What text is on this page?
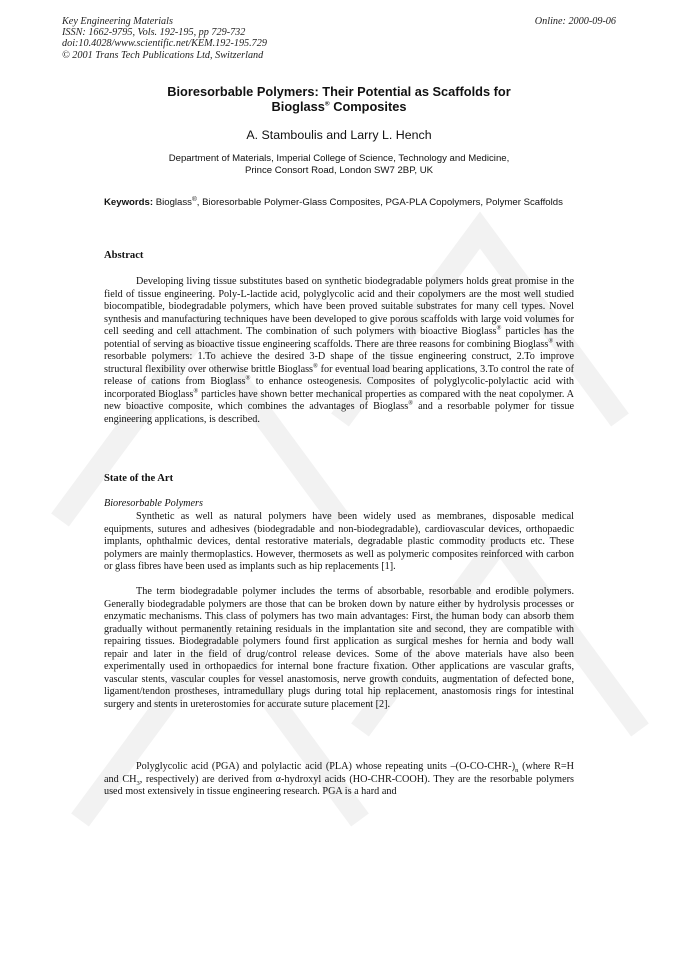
Key Engineering Materials
ISSN: 1662-9795, Vols. 192-195, pp 729-732
doi:10.4028/www.scientific.net/KEM.192-195.729
© 2001 Trans Tech Publications Ltd, Switzerland
Online: 2000-09-06
Bioresorbable Polymers: Their Potential as Scaffolds for
Bioglass® Composites
A. Stamboulis and Larry L. Hench
Department of Materials, Imperial College of Science, Technology and Medicine,
Prince Consort Road, London SW7 2BP, UK
Keywords: Bioglass®, Bioresorbable Polymer-Glass Composites, PGA-PLA Copolymers, Polymer Scaffolds
Abstract

Developing living tissue substitutes based on synthetic biodegradable polymers holds great promise in the field of tissue engineering. Poly-L-lactide acid, polyglycolic acid and their copolymers are the most well studied biocompatible, biodegradable polymers, which have been proved suitable substrates for many cell types. Novel synthesis and manufacturing techniques have been developed to give porous scaffolds with large void volumes for cell seeding and cell attachment. The combination of such polymers with bioactive Bioglass® particles has the potential of serving as bioactive tissue engineering scaffolds. There are three reasons for combining Bioglass® with resorbable polymers: 1.To achieve the desired 3-D shape of the tissue engineering construct, 2.To improve structural flexibility over otherwise brittle Bioglass® for eventual load bearing applications, 3.To control the rate of release of cations from Bioglass® to enhance osteogenesis. Composites of polyglycolic-polylactic acid with incorporated Bioglass® particles have shown better mechanical properties as compared with the neat copolymer. A new bioactive composite, which combines the advantages of Bioglass® and a resorbable polymer for tissue engineering applications, is described.

State of the Art
Bioresorbable Polymers

Synthetic as well as natural polymers have been widely used as membranes, disposable medical equipments, sutures and adhesives (biodegradable and non-biodegradable), cardiovascular devices, orthopaedic implants, ophthalmic devices, dental restorative materials, degradable plastic commodity products etc. These polymers are mainly thermoplastics. However, thermosets as well as polymeric composites reinforced with carbon or glass fibres have been used as implants such as hip replacements [1].

The term biodegradable polymer includes the terms of absorbable, resorbable and erodible polymers. Generally biodegradable polymers are those that can be broken down by nature either by hydrolysis processes or enzymatic mechanisms. This class of polymers has two main advantages: First, the human body can absorb them gradually without permanently retaining residuals in the implantation site and second, they are compatible with repairing tissues. Biodegradable polymers found first application as surgical meshes for hernia and body wall repair and later in the field of drug/control release devices. Some of the above materials have also been experimentally used in orthopaedics for internal bone fracture fixation. Other applications are vascular grafts, vascular stents, vascular couples for vessel anastomosis, nerve growth conduits, augmentation of defected bone, ligament/tendon prostheses, intramedullary plugs during total hip replacement, anastomosis rings for intestinal surgery and stents in ureterostomies for accurate suture placement [2].

Polyglycolic acid (PGA) and polylactic acid (PLA) whose repeating units $-(O-CO-CHR-)_n$ (where R=H and $CH_3$, respectively) are derived from α-hydroxyl acids (HO-CHR-COOH). They are the resorbable polymers used most extensively in tissue engineering research. PGA is a hard and
